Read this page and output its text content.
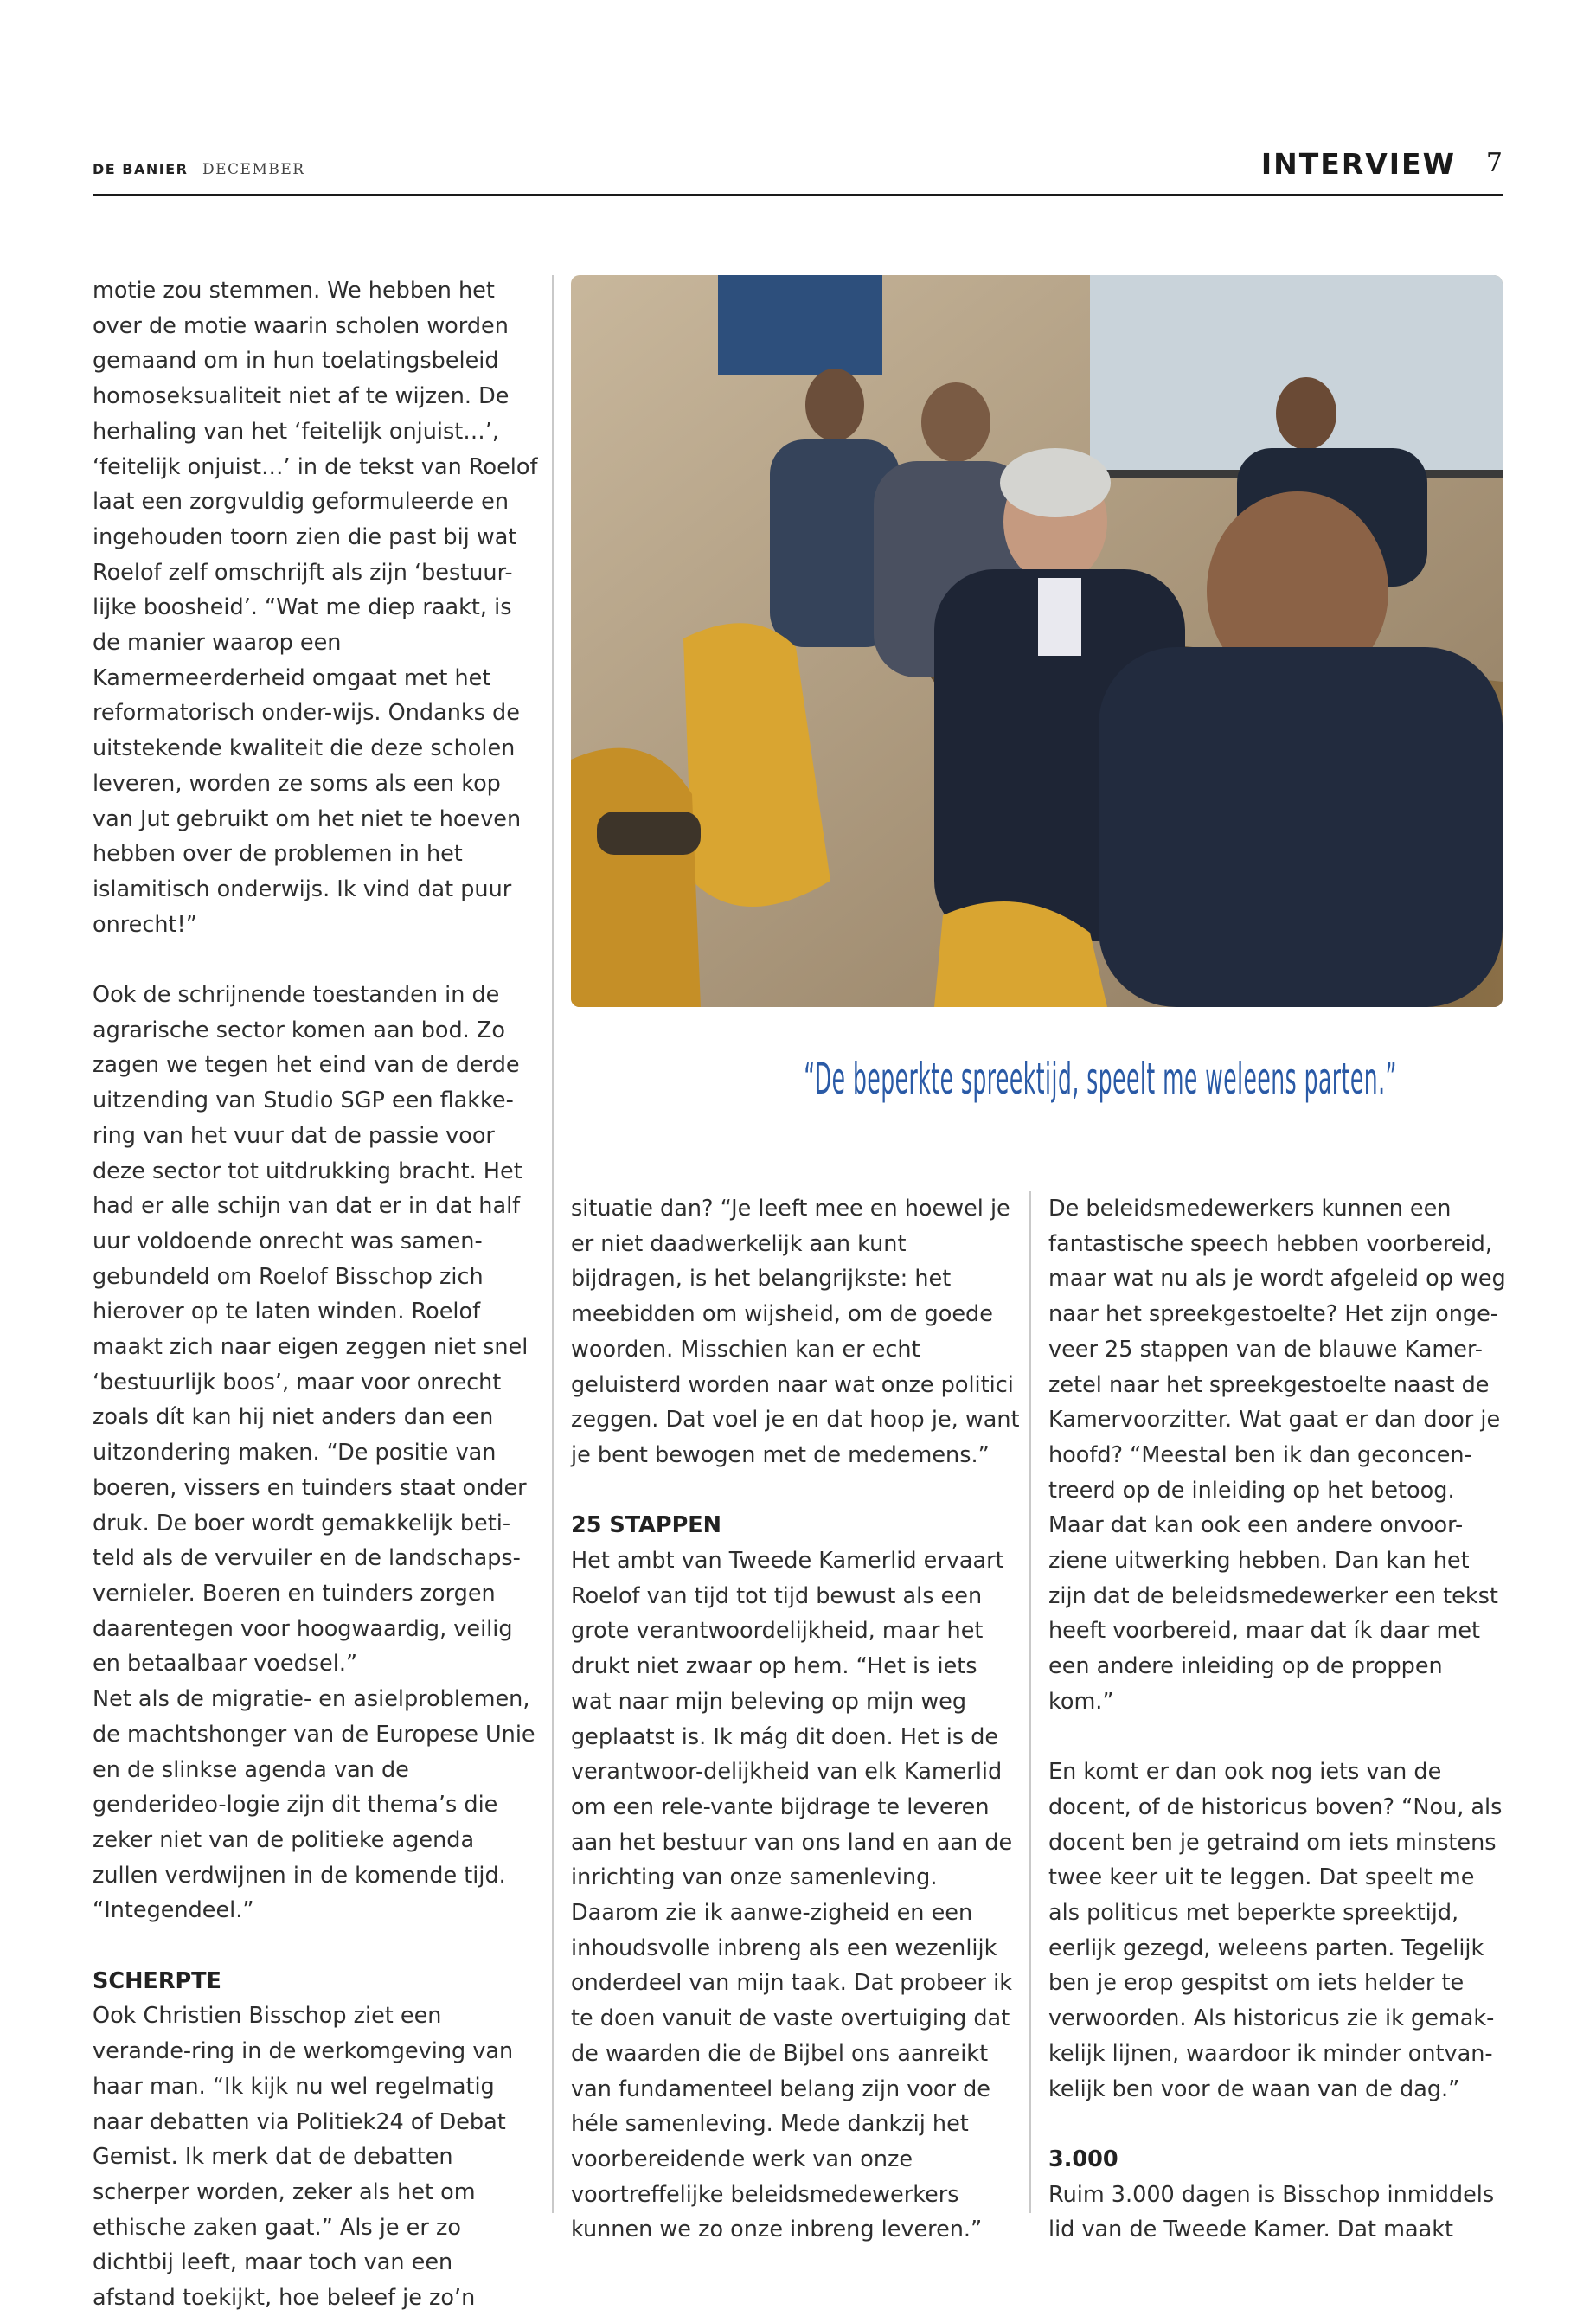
DE BANIER DECEMBER	INTERVIEW 7

motie zou stemmen. We hebben het over de motie waarin scholen worden gemaand om in hun toelatingsbeleid homoseksualiteit niet af te wijzen. De herhaling van het ‘feitelijk onjuist…’, ‘feitelijk onjuist…’ in de tekst van Roelof laat een zorgvuldig geformuleerde en ingehouden toorn zien die past bij wat Roelof zelf omschrijft als zijn ‘bestuur-lijke boosheid’. “Wat me diep raakt, is de manier waarop een Kamermeerderheid omgaat met het reformatorisch onder-wijs. Ondanks de uitstekende kwaliteit die deze scholen leveren, worden ze soms als een kop van Jut gebruikt om het niet te hoeven hebben over de problemen in het islamitisch onderwijs. Ik vind dat puur onrecht!”

Ook de schrijnende toestanden in de agrarische sector komen aan bod. Zo zagen we tegen het eind van de derde uitzending van Studio SGP een flakke-ring van het vuur dat de passie voor deze sector tot uitdrukking bracht. Het had er alle schijn van dat er in dat half uur voldoende onrecht was samen-gebundeld om Roelof Bisschop zich hierover op te laten winden. Roelof maakt zich naar eigen zeggen niet snel ‘bestuurlijk boos’, maar voor onrecht zoals dít kan hij niet anders dan een uitzondering maken. “De positie van boeren, vissers en tuinders staat onder druk. De boer wordt gemakkelijk beti-teld als de vervuiler en de landschaps-vernieler. Boeren en tuinders zorgen daarentegen voor hoogwaardig, veilig en betaalbaar voedsel.”

Net als de migratie- en asielproblemen, de machtshonger van de Europese Unie en de slinkse agenda van de genderideo-logie zijn dit thema’s die zeker niet van de politieke agenda zullen verdwijnen in de komende tijd. “Integendeel.”

SCHERPTE

Ook Christien Bisschop ziet een verande-ring in de werkomgeving van haar man. “Ik kijk nu wel regelmatig naar debatten via Politiek24 of Debat Gemist. Ik merk dat de debatten scherper worden, zeker als het om ethische zaken gaat.” Als je er zo dichtbij leeft, maar toch van een afstand toekijkt, hoe beleef je zo’n

“De beperkte spreektijd, speelt me weleens parten.”

situatie dan? “Je leeft mee en hoewel je er niet daadwerkelijk aan kunt bijdragen, is het belangrijkste: het meebidden om wijsheid, om de goede woorden. Misschien kan er echt geluisterd worden naar wat onze politici zeggen. Dat voel je en dat hoop je, want je bent bewogen met de medemens.”

25 STAPPEN

Het ambt van Tweede Kamerlid ervaart Roelof van tijd tot tijd bewust als een grote verantwoordelijkheid, maar het drukt niet zwaar op hem. “Het is iets wat naar mijn beleving op mijn weg geplaatst is. Ik mág dit doen. Het is de verantwoor-delijkheid van elk Kamerlid om een rele-vante bijdrage te leveren aan het bestuur van ons land en aan de inrichting van onze samenleving. Daarom zie ik aanwe-zigheid en een inhoudsvolle inbreng als een wezenlijk onderdeel van mijn taak. Dat probeer ik te doen vanuit de vaste overtuiging dat de waarden die de Bijbel ons aanreikt van fundamenteel belang zijn voor de héle samenleving. Mede dankzij het voorbereidende werk van onze voortreffelijke beleidsmedewerkers kunnen we zo onze inbreng leveren.”

De beleidsmedewerkers kunnen een fantastische speech hebben voorbereid, maar wat nu als je wordt afgeleid op weg naar het spreekgestoelte? Het zijn onge-veer 25 stappen van de blauwe Kamer-zetel naar het spreekgestoelte naast de Kamervoorzitter. Wat gaat er dan door je hoofd? “Meestal ben ik dan geconcen-treerd op de inleiding op het betoog. Maar dat kan ook een andere onvoor-ziene uitwerking hebben. Dan kan het zijn dat de beleidsmedewerker een tekst heeft voorbereid, maar dat ík daar met een andere inleiding op de proppen kom.”

En komt er dan ook nog iets van de docent, of de historicus boven? “Nou, als docent ben je getraind om iets minstens twee keer uit te leggen. Dat speelt me als politicus met beperkte spreektijd, eerlijk gezegd, weleens parten. Tegelijk ben je erop gespitst om iets helder te verwoorden. Als historicus zie ik gemak-kelijk lijnen, waardoor ik minder ontvan-kelijk ben voor de waan van de dag.”

3.000

Ruim 3.000 dagen is Bisschop inmiddels lid van de Tweede Kamer. Dat maakt
